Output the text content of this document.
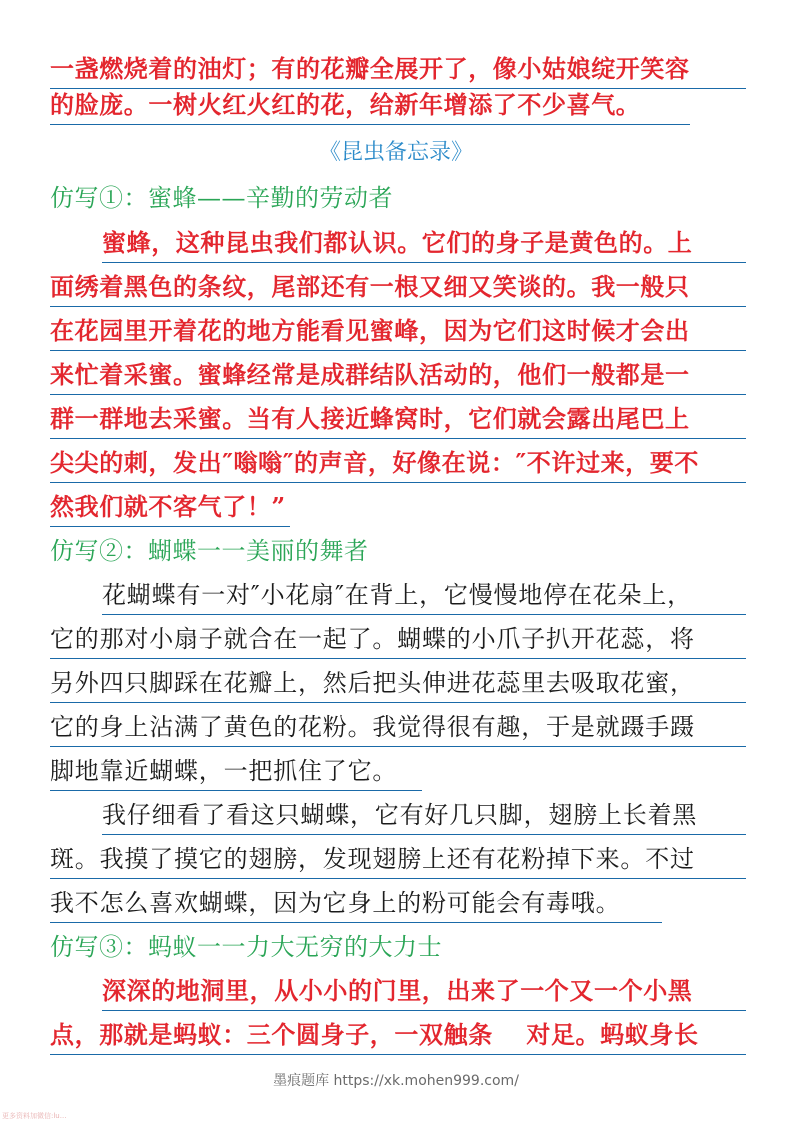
一盏燃烧着的油灯；有的花瓣全展开了，像小姑娘绽开笑容
的脸庞。一树火红火红的花，给新年增添了不少喜气。
《昆虫备忘录》
仿写①：蜜蜂——辛勤的劳动者
蜜蜂，这种昆虫我们都认识。它们的身子是黄色的。上
面绣着黑色的条纹，尾部还有一根又细又笑谈的。我一般只
在花园里开着花的地方能看见蜜峰，因为它们这时候才会出
来忙着采蜜。蜜蜂经常是成群结队活动的，他们一般都是一
群一群地去采蜜。当有人接近蜂窝时，它们就会露出尾巴上
尖尖的刺，发出″嗡嗡″的声音，好像在说：″不许过来，要不
然我们就不客气了！”
仿写②：蝴蝶一一美丽的舞者
花蝴蝶有一对″小花扇″在背上，它慢慢地停在花朵上，
它的那对小扇子就合在一起了。蝴蝶的小爪子扒开花蕊，将
另外四只脚踩在花瓣上，然后把头伸进花蕊里去吸取花蜜，
它的身上沾满了黄色的花粉。我觉得很有趣，于是就蹑手蹑
脚地靠近蝴蝶，一把抓住了它。
我仔细看了看这只蝴蝶，它有好几只脚，翅膀上长着黑
斑。我摸了摸它的翅膀，发现翅膀上还有花粉掉下来。不过
我不怎么喜欢蝴蝶，因为它身上的粉可能会有毒哦。
仿写③：蚂蚁一一力大无穷的大力士
深深的地洞里，从小小的门里，出来了一个又一个小黑
点，那就是蚂蚁：三个圆身子，一双触条　 对足。蚂蚁身长
墨痕题库 https://xk.mohen999.com/
更多资料加微信:lu...
